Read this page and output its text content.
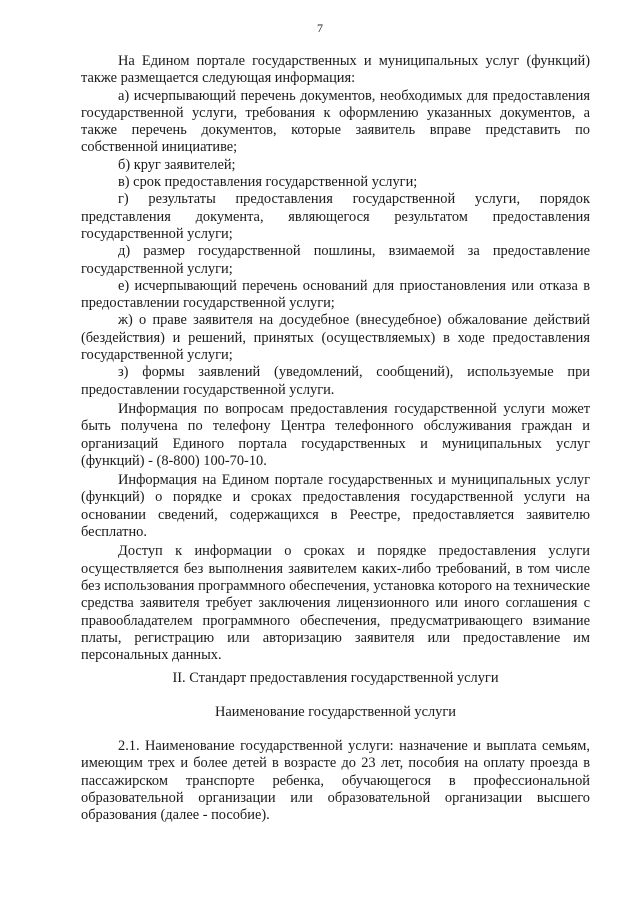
7

На Едином портале государственных и муниципальных услуг (функций) также размещается следующая информация:

а) исчерпывающий перечень документов, необходимых для предоставления государственной услуги, требования к оформлению указанных документов, а также перечень документов, которые заявитель вправе представить по собственной инициативе;

б) круг заявителей;

в) срок предоставления государственной услуги;

г) результаты предоставления государственной услуги, порядок представления документа, являющегося результатом предоставления государственной услуги;

д) размер государственной пошлины, взимаемой за предоставление государственной услуги;

е) исчерпывающий перечень оснований для приостановления или отказа в предоставлении государственной услуги;

ж) о праве заявителя на досудебное (внесудебное) обжалование действий (бездействия) и решений, принятых (осуществляемых) в ходе предоставления государственной услуги;

з) формы заявлений (уведомлений, сообщений), используемые при предоставлении государственной услуги.

Информация по вопросам предоставления государственной услуги может быть получена по телефону Центра телефонного обслуживания граждан и организаций Единого портала государственных и муниципальных услуг (функций) - (8-800) 100-70-10.

Информация на Едином портале государственных и муниципальных услуг (функций) о порядке и сроках предоставления государственной услуги на основании сведений, содержащихся в Реестре, предоставляется заявителю бесплатно.

Доступ к информации о сроках и порядке предоставления услуги осуществляется без выполнения заявителем каких-либо требований, в том числе без использования программного обеспечения, установка которого на технические средства заявителя требует заключения лицензионного или иного соглашения с правообладателем программного обеспечения, предусматривающего взимание платы, регистрацию или авторизацию заявителя или предоставление им персональных данных.

II. Стандарт предоставления государственной услуги

Наименование государственной услуги

2.1. Наименование государственной услуги: назначение и выплата семьям, имеющим трех и более детей в возрасте до 23 лет, пособия на оплату проезда в пассажирском транспорте ребенка, обучающегося в профессиональной образовательной организации или образовательной организации высшего образования (далее - пособие).
